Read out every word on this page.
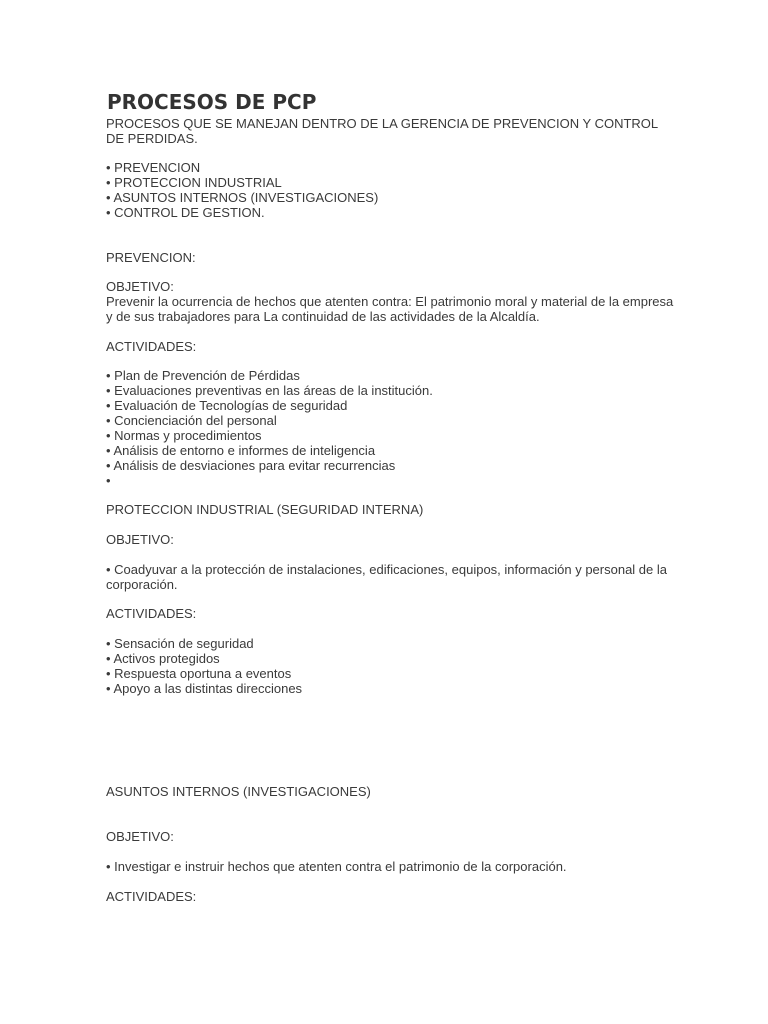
PROCESOS DE PCP
PROCESOS QUE SE MANEJAN DENTRO DE LA GERENCIA DE PREVENCION Y CONTROL
DE PERDIDAS.
• PREVENCION
• PROTECCION INDUSTRIAL
• ASUNTOS INTERNOS (INVESTIGACIONES)
• CONTROL DE GESTION.
PREVENCION:
OBJETIVO:
Prevenir la ocurrencia de hechos que atenten contra: El patrimonio moral y material de la empresa
y de sus trabajadores para La continuidad de las actividades de la Alcaldía.
ACTIVIDADES:
• Plan de Prevención de Pérdidas
• Evaluaciones preventivas en las áreas de la institución.
• Evaluación de Tecnologías de seguridad
• Concienciación del personal
• Normas y procedimientos
• Análisis de entorno e informes de inteligencia
• Análisis de desviaciones para evitar recurrencias
•
PROTECCION INDUSTRIAL (SEGURIDAD INTERNA)
OBJETIVO:
• Coadyuvar a la protección de instalaciones, edificaciones, equipos, información y personal de la
corporación.
ACTIVIDADES:
• Sensación de seguridad
• Activos protegidos
• Respuesta oportuna a eventos
• Apoyo a las distintas direcciones
ASUNTOS INTERNOS (INVESTIGACIONES)
OBJETIVO:
• Investigar e instruir hechos que atenten contra el patrimonio de la corporación.
ACTIVIDADES:
